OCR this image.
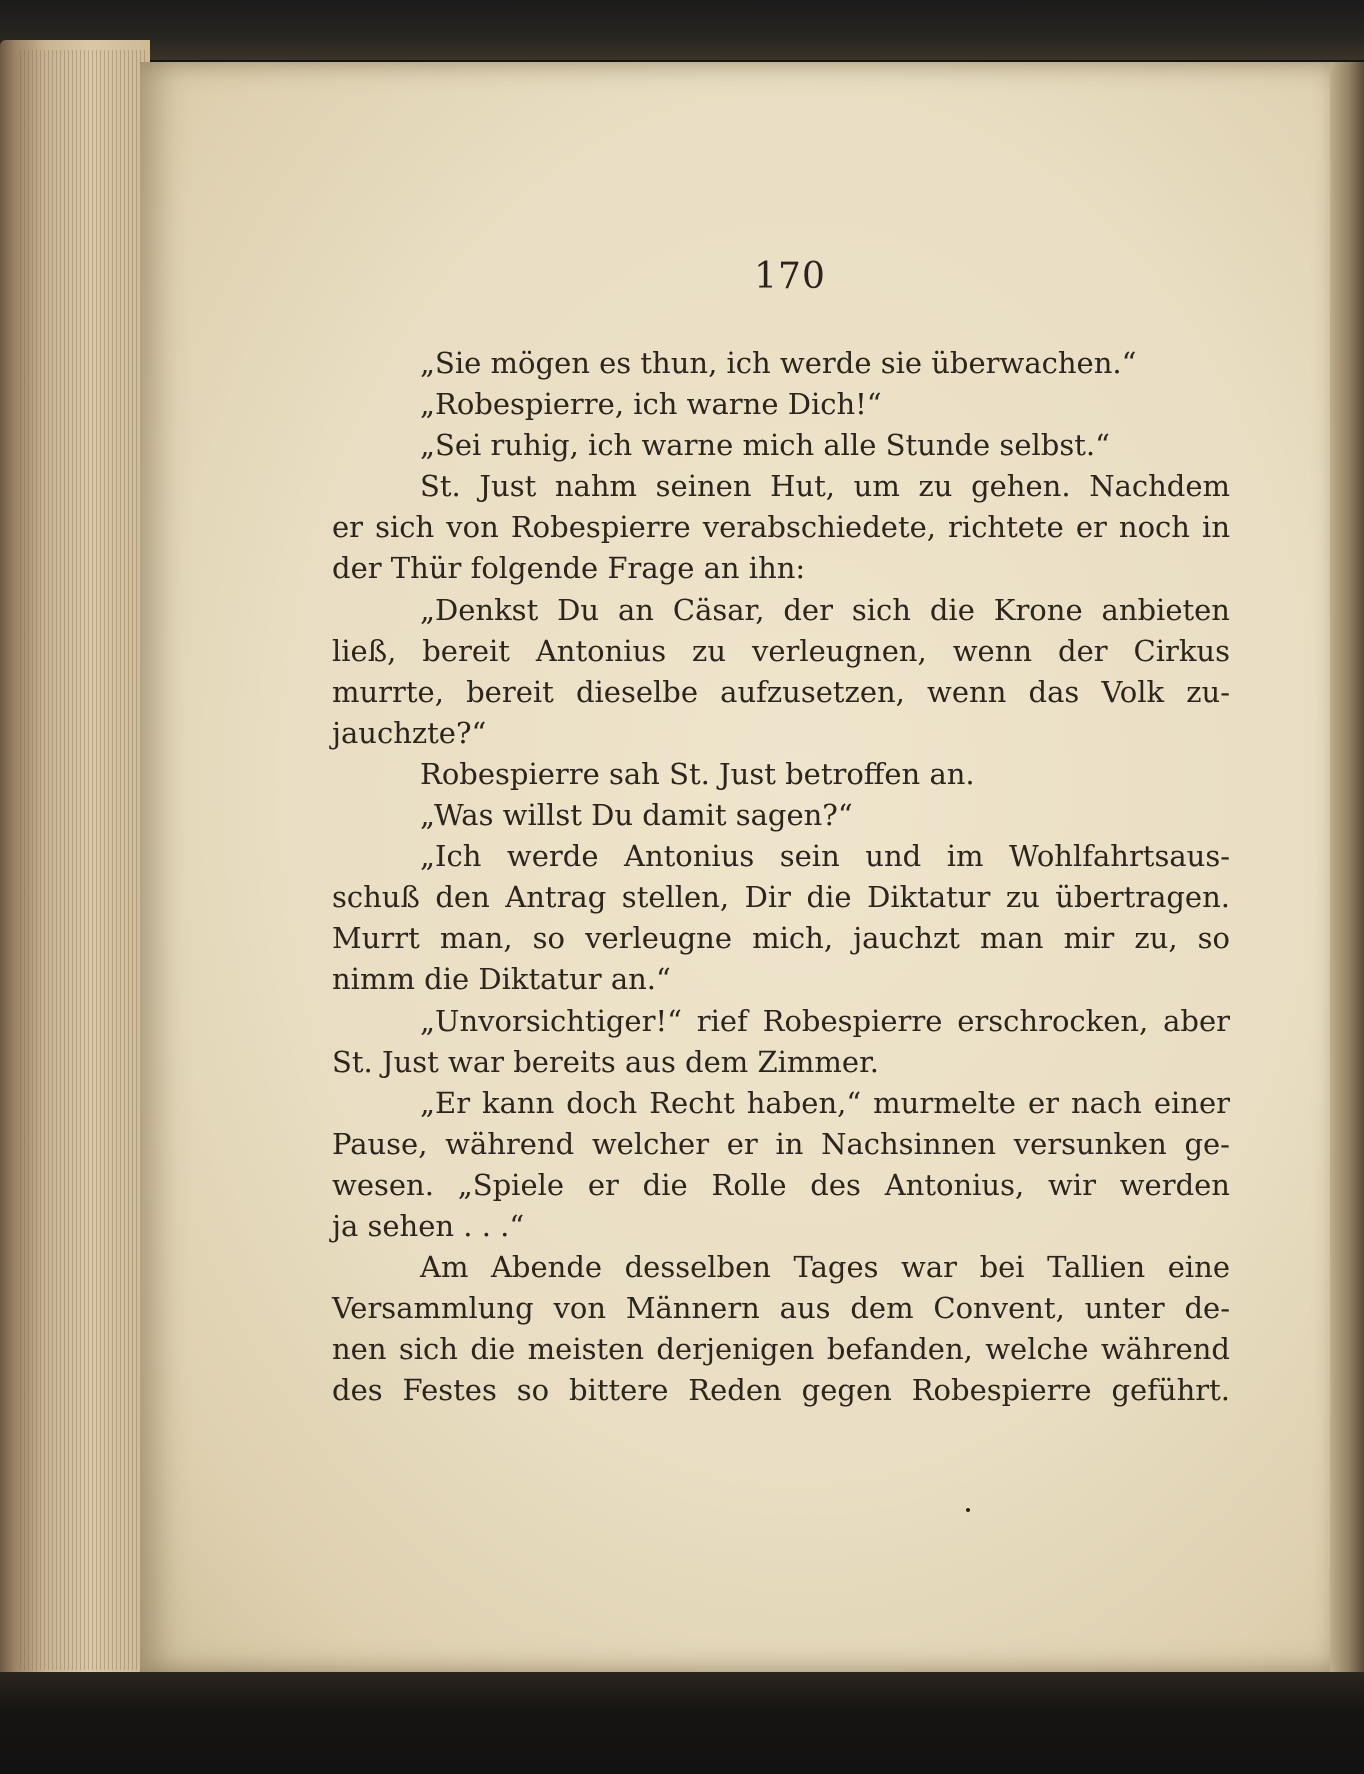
170
„Sie mögen es thun, ich werde sie überwachen.“
„Robespierre, ich warne Dich!“
„Sei ruhig, ich warne mich alle Stunde selbst.“
St. Just nahm seinen Hut, um zu gehen. Nachdem
er sich von Robespierre verabschiedete, richtete er noch in
der Thür folgende Frage an ihn:
„Denkst Du an Cäsar, der sich die Krone anbieten
ließ, bereit Antonius zu verleugnen, wenn der Cirkus
murrte, bereit dieselbe aufzusetzen, wenn das Volk zu-
jauchzte?“
Robespierre sah St. Just betroffen an.
„Was willst Du damit sagen?“
„Ich werde Antonius sein und im Wohlfahrtsaus-
schuß den Antrag stellen, Dir die Diktatur zu übertragen.
Murrt man, so verleugne mich, jauchzt man mir zu, so
nimm die Diktatur an.“
„Unvorsichtiger!“ rief Robespierre erschrocken, aber
St. Just war bereits aus dem Zimmer.
„Er kann doch Recht haben,“ murmelte er nach einer
Pause, während welcher er in Nachsinnen versunken ge-
wesen. „Spiele er die Rolle des Antonius, wir werden
ja sehen . . .“
Am Abende desselben Tages war bei Tallien eine
Versammlung von Männern aus dem Convent, unter de-
nen sich die meisten derjenigen befanden, welche während
des Festes so bittere Reden gegen Robespierre geführt.
